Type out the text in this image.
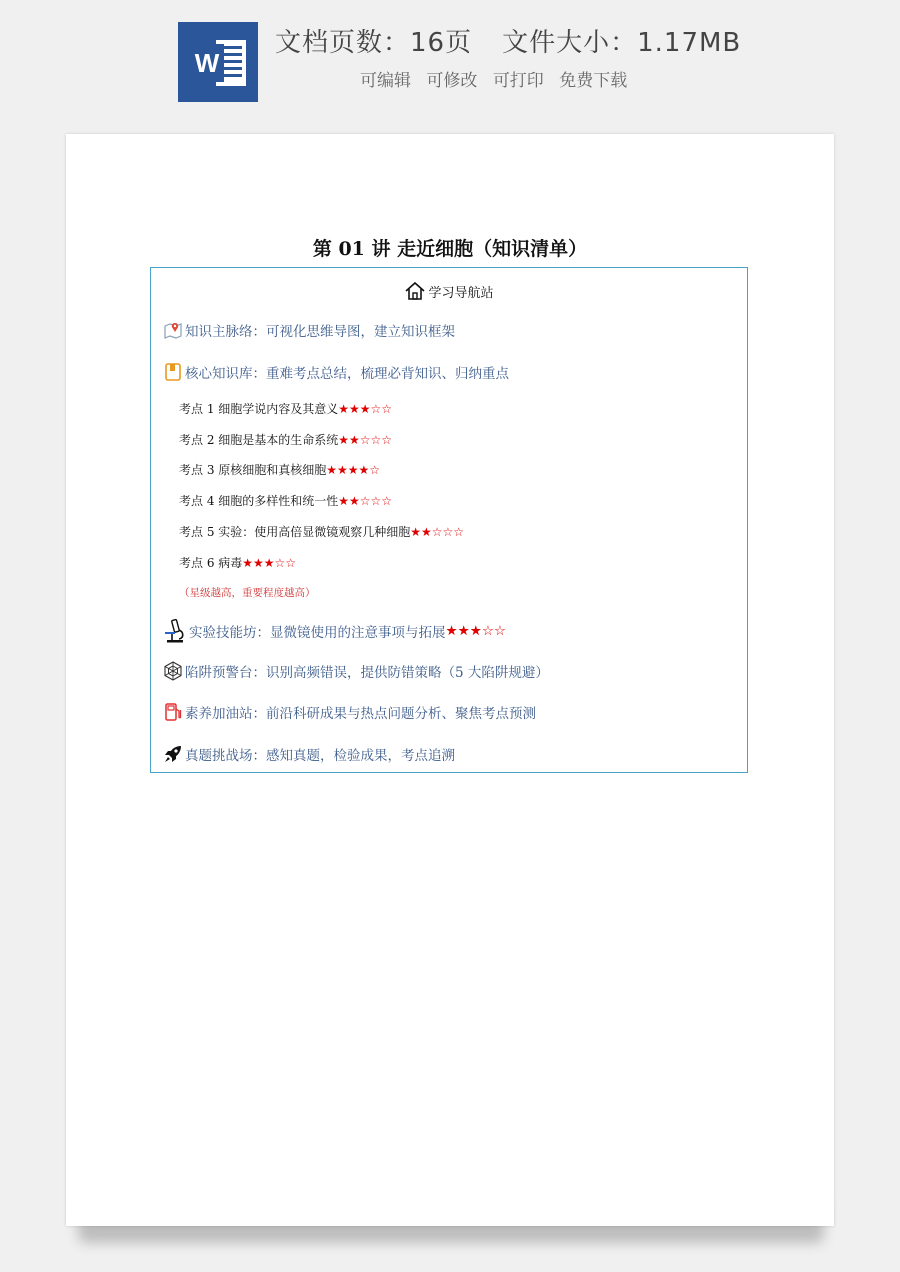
W
文档页数：16页 文件大小：1.17MB
可编辑 可修改 可打印 免费下载
第 01 讲 走近细胞（知识清单）
学习导航站
知识主脉络： 可视化思维导图，建立知识框架
核心知识库： 重难考点总结，梳理必背知识、归纳重点
考点 1 细胞学说内容及其意义 ★★★ ☆☆
考点 2 细胞是基本的生命系统 ★★ ☆☆☆
考点 3 原核细胞和真核细胞 ★★★★ ☆
考点 4 细胞的多样性和统一性 ★★ ☆☆☆
考点 5 实验：使用高倍显微镜观察几种细胞 ★★ ☆☆☆
考点 6 病毒 ★★★ ☆☆
（星级越高，重要程度越高）
实验技能坊： 显微镜使用的注意事项与拓展 ★★★ ☆☆
陷阱预警台： 识别高频错误，提供防错策略（5 大陷阱规避）
素养加油站： 前沿科研成果与热点问题分析、聚焦考点预测
真题挑战场： 感知真题，检验成果，考点追溯
